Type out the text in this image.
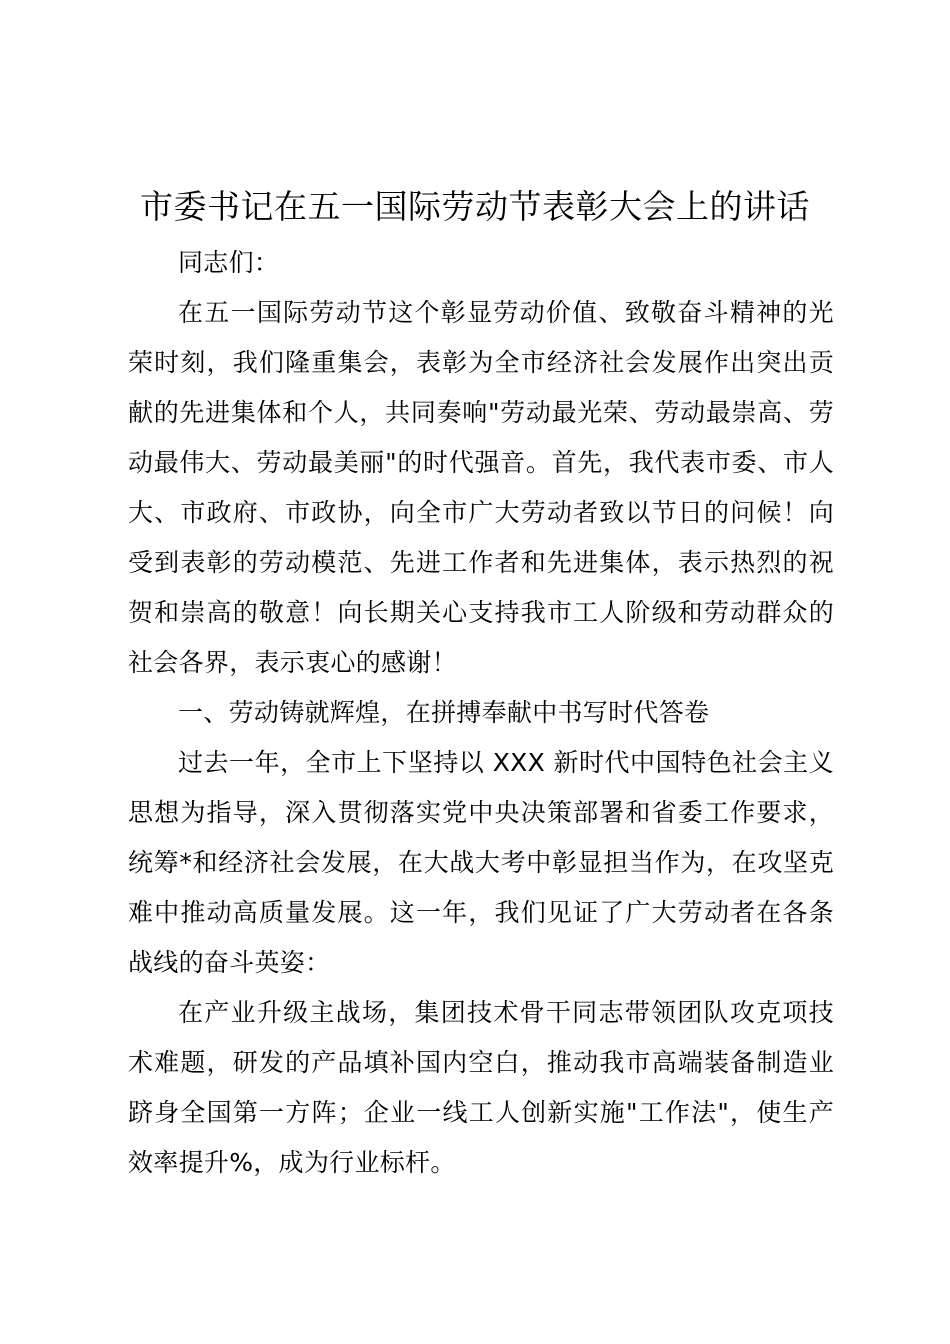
市委书记在五一国际劳动节表彰大会上的讲话

同志们：

在五一国际劳动节这个彰显劳动价值、致敬奋斗精神的光荣时刻，我们隆重集会，表彰为全市经济社会发展作出突出贡献的先进集体和个人，共同奏响"劳动最光荣、劳动最崇高、劳动最伟大、劳动最美丽"的时代强音。首先，我代表市委、市人大、市政府、市政协，向全市广大劳动者致以节日的问候！向受到表彰的劳动模范、先进工作者和先进集体，表示热烈的祝贺和崇高的敬意！向长期关心支持我市工人阶级和劳动群众的社会各界，表示衷心的感谢！

一、劳动铸就辉煌，在拼搏奉献中书写时代答卷

过去一年，全市上下坚持以 XXX 新时代中国特色社会主义思想为指导，深入贯彻落实党中央决策部署和省委工作要求，统筹*和经济社会发展，在大战大考中彰显担当作为，在攻坚克难中推动高质量发展。这一年，我们见证了广大劳动者在各条战线的奋斗英姿：

在产业升级主战场，集团技术骨干同志带领团队攻克项技术难题，研发的产品填补国内空白，推动我市高端装备制造业跻身全国第一方阵；企业一线工人创新实施"工作法"，使生产效率提升%，成为行业标杆。
